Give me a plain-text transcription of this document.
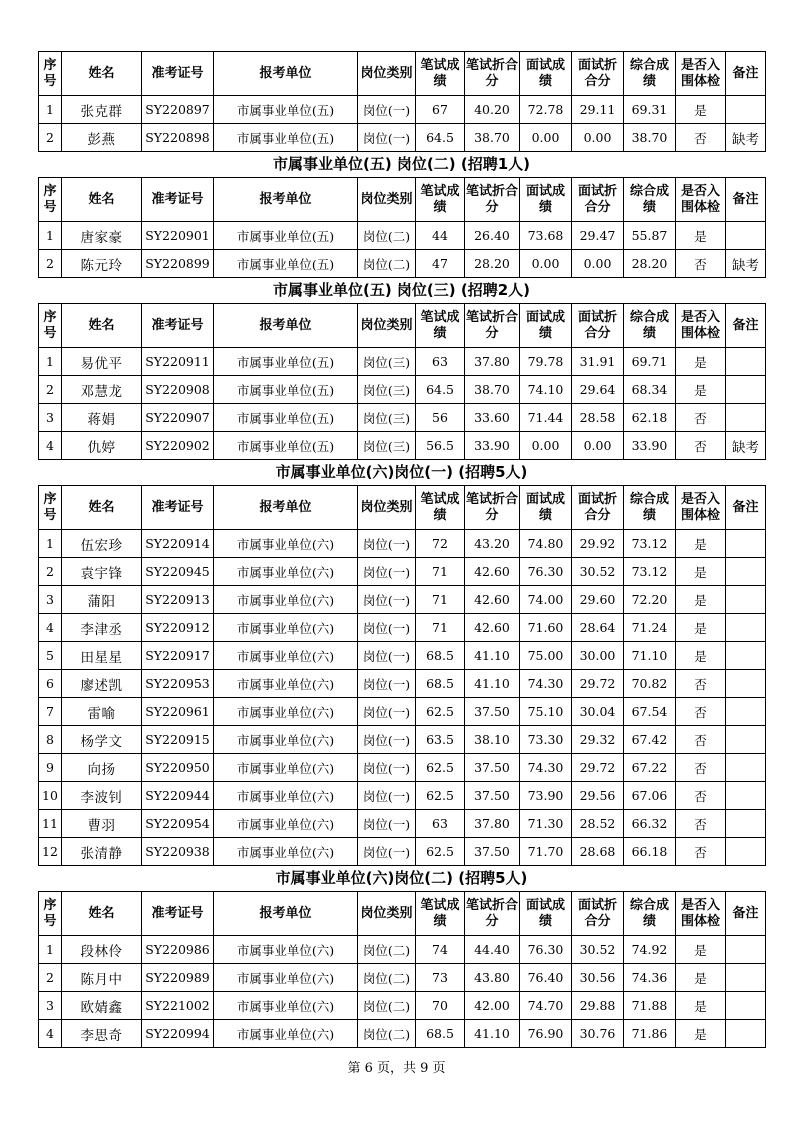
序号	姓名	准考证号	报考单位	岗位类别	笔试成绩	笔试折合分	面试成绩	面试折合分	综合成绩	是否入围体检	备注
1	张克群	SY220897	市属事业单位(五)	岗位(一)	67	40.20	72.78	29.11	69.31	是	
2	彭燕	SY220898	市属事业单位(五)	岗位(一)	64.5	38.70	0.00	0.00	38.70	否	缺考
市属事业单位(五) 岗位(二) (招聘1人)
序号	姓名	准考证号	报考单位	岗位类别	笔试成绩	笔试折合分	面试成绩	面试折合分	综合成绩	是否入围体检	备注
1	唐家豪	SY220901	市属事业单位(五)	岗位(二)	44	26.40	73.68	29.47	55.87	是	
2	陈元玲	SY220899	市属事业单位(五)	岗位(二)	47	28.20	0.00	0.00	28.20	否	缺考
市属事业单位(五) 岗位(三) (招聘2人)
序号	姓名	准考证号	报考单位	岗位类别	笔试成绩	笔试折合分	面试成绩	面试折合分	综合成绩	是否入围体检	备注
1	易优平	SY220911	市属事业单位(五)	岗位(三)	63	37.80	79.78	31.91	69.71	是	
2	邓慧龙	SY220908	市属事业单位(五)	岗位(三)	64.5	38.70	74.10	29.64	68.34	是	
3	蒋娟	SY220907	市属事业单位(五)	岗位(三)	56	33.60	71.44	28.58	62.18	否	
4	仇婷	SY220902	市属事业单位(五)	岗位(三)	56.5	33.90	0.00	0.00	33.90	否	缺考
市属事业单位(六)岗位(一) (招聘5人)
序号	姓名	准考证号	报考单位	岗位类别	笔试成绩	笔试折合分	面试成绩	面试折合分	综合成绩	是否入围体检	备注
1	伍宏珍	SY220914	市属事业单位(六)	岗位(一)	72	43.20	74.80	29.92	73.12	是	
2	袁宇锋	SY220945	市属事业单位(六)	岗位(一)	71	42.60	76.30	30.52	73.12	是	
3	蒲阳	SY220913	市属事业单位(六)	岗位(一)	71	42.60	74.00	29.60	72.20	是	
4	李津丞	SY220912	市属事业单位(六)	岗位(一)	71	42.60	71.60	28.64	71.24	是	
5	田星星	SY220917	市属事业单位(六)	岗位(一)	68.5	41.10	75.00	30.00	71.10	是	
6	廖述凯	SY220953	市属事业单位(六)	岗位(一)	68.5	41.10	74.30	29.72	70.82	否	
7	雷喻	SY220961	市属事业单位(六)	岗位(一)	62.5	37.50	75.10	30.04	67.54	否	
8	杨学文	SY220915	市属事业单位(六)	岗位(一)	63.5	38.10	73.30	29.32	67.42	否	
9	向扬	SY220950	市属事业单位(六)	岗位(一)	62.5	37.50	74.30	29.72	67.22	否	
10	李波钊	SY220944	市属事业单位(六)	岗位(一)	62.5	37.50	73.90	29.56	67.06	否	
11	曹羽	SY220954	市属事业单位(六)	岗位(一)	63	37.80	71.30	28.52	66.32	否	
12	张清静	SY220938	市属事业单位(六)	岗位(一)	62.5	37.50	71.70	28.68	66.18	否	
市属事业单位(六)岗位(二) (招聘5人)
序号	姓名	准考证号	报考单位	岗位类别	笔试成绩	笔试折合分	面试成绩	面试折合分	综合成绩	是否入围体检	备注
1	段林伶	SY220986	市属事业单位(六)	岗位(二)	74	44.40	76.30	30.52	74.92	是	
2	陈月中	SY220989	市属事业单位(六)	岗位(二)	73	43.80	76.40	30.56	74.36	是	
3	欧婧鑫	SY221002	市属事业单位(六)	岗位(二)	70	42.00	74.70	29.88	71.88	是	
4	李思奇	SY220994	市属事业单位(六)	岗位(二)	68.5	41.10	76.90	30.76	71.86	是	
第 6 页，共 9 页
